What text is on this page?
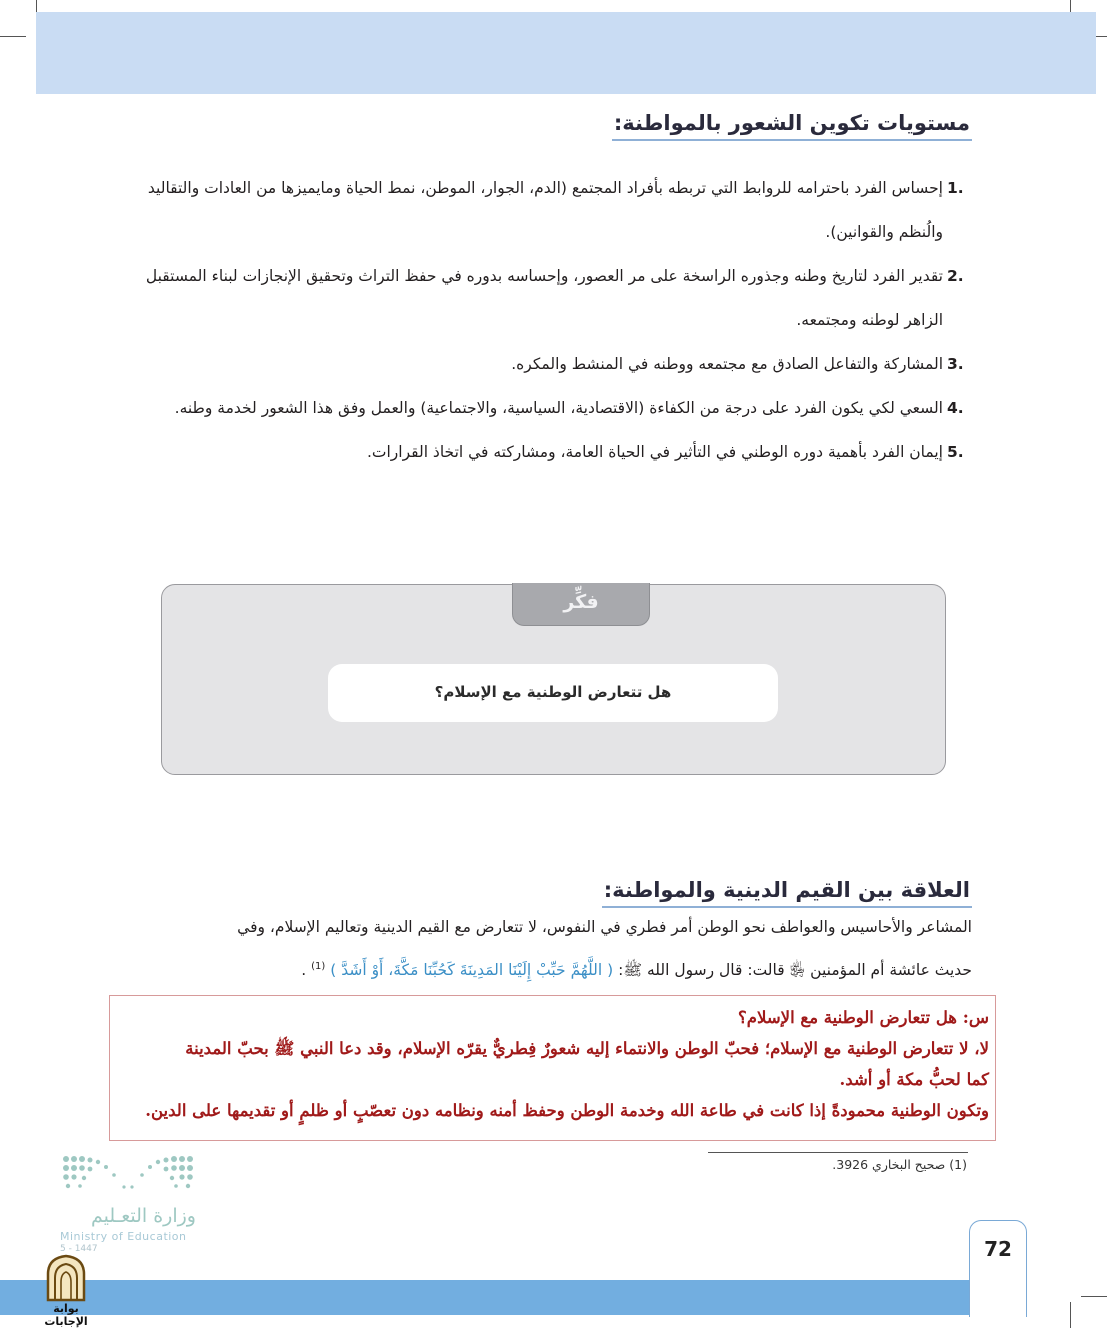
مستويات تكوين الشعور بالمواطنة:
1.
إحساس الفرد باحترامه للروابط التي تربطه بأفراد المجتمع (الدم، الجوار، الموطن، نمط الحياة ومايميزها من العادات والتقاليد والُنظم والقوانين).
2.
تقدير الفرد لتاريخ وطنه وجذوره الراسخة على مر العصور، وإحساسه بدوره في حفظ التراث وتحقيق الإنجازات لبناء المستقبل الزاهر لوطنه ومجتمعه.
3.
المشاركة والتفاعل الصادق مع مجتمعه ووطنه في المنشط والمكره.
4.
السعي لكي يكون الفرد على درجة من الكفاءة (الاقتصادية، السياسية، والاجتماعية) والعمل وفق هذا الشعور لخدمة وطنه.
5.
إيمان الفرد بأهمية دوره الوطني في التأثير في الحياة العامة، ومشاركته في اتخاذ القرارات.
فكِّر
هل تتعارض الوطنية مع الإسلام؟
العلاقة بين القيم الدينية والمواطنة:
المشاعر والأحاسيس والعواطف نحو الوطن أمر فطري في النفوس، لا تتعارض مع القيم الدينية وتعاليم الإسلام، وفي
حديث عائشة أم المؤمنين ﵂ قالت: قال رسول الله ﷺ: ( اللَّهُمَّ حَبِّبْ إِلَيْنَا المَدِينَةَ كَحُبِّنَا مَكَّةَ، أَوْ أَشَدَّ ) $^{(1)}$ .
س: هل تتعارض الوطنية مع الإسلام؟
لا، لا تتعارض الوطنية مع الإسلام؛ فحبّ الوطن والانتماء إليه شعورٌ فِطريٌّ يقرّه الإسلام، وقد دعا النبي ﷺ بحبّ المدينة
كما لحبُّ مكة أو أشد.
وتكون الوطنية محمودةً إذا كانت في طاعة الله وخدمة الوطن وحفظ أمنه ونظامه دون تعصّبٍ أو ظلمٍ أو تقديمها على الدين.
(1) صحيح البخاري 3926.
وزارة التعـليم
Ministry of Education
5 - 1447	72
بوابة الإجابات
